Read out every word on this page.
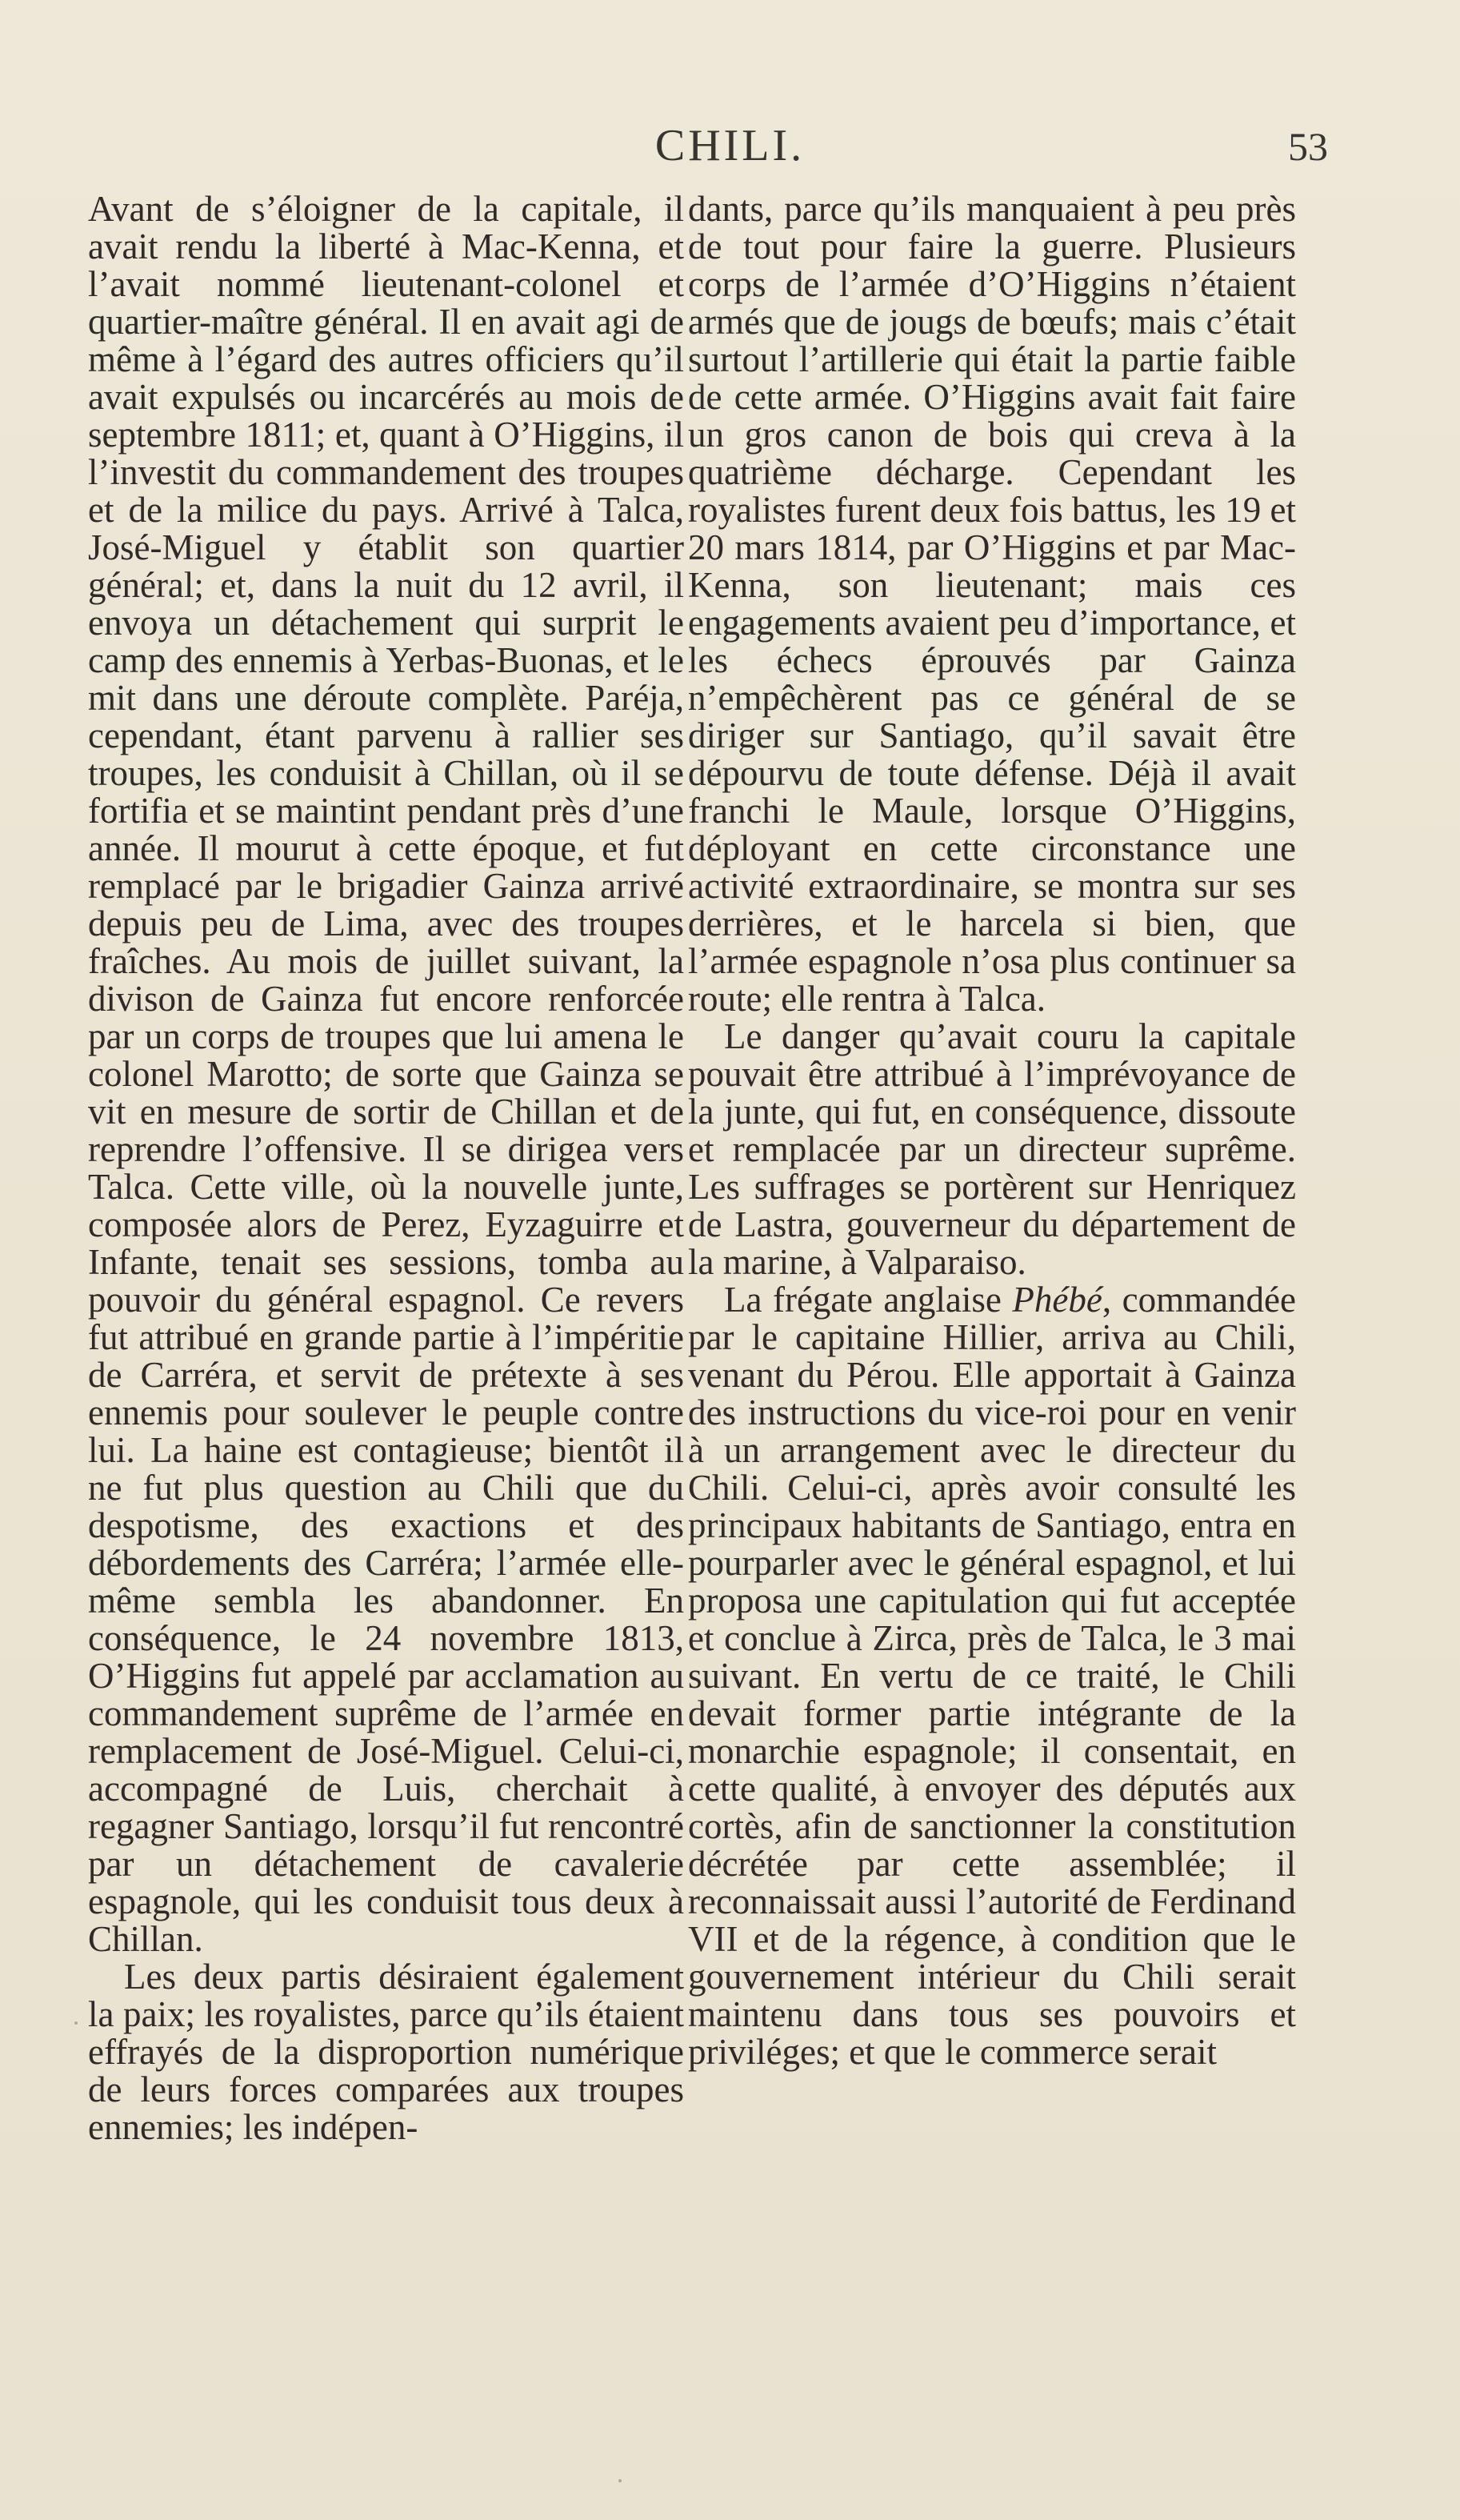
CHILI.	53

Avant de s’éloigner de la capitale, il avait rendu la liberté à Mac-Kenna, et l’avait nommé lieutenant-colonel et quartier-maître général. Il en avait agi de même à l’égard des autres officiers qu’il avait expulsés ou incarcérés au mois de septembre 1811; et, quant à O’Higgins, il l’investit du commandement des troupes et de la milice du pays. Arrivé à Talca, José-Miguel y établit son quartier général; et, dans la nuit du 12 avril, il envoya un détachement qui surprit le camp des ennemis à Yerbas-Buonas, et le mit dans une déroute complète. Paréja, cependant, étant parvenu à rallier ses troupes, les conduisit à Chillan, où il se fortifia et se maintint pendant près d’une année. Il mourut à cette époque, et fut remplacé par le brigadier Gainza arrivé depuis peu de Lima, avec des troupes fraîches. Au mois de juillet suivant, la divison de Gainza fut encore renforcée par un corps de troupes que lui amena le colonel Marotto; de sorte que Gainza se vit en mesure de sortir de Chillan et de reprendre l’offensive. Il se dirigea vers Talca. Cette ville, où la nouvelle junte, composée alors de Perez, Eyzaguirre et Infante, tenait ses sessions, tomba au pouvoir du général espagnol. Ce revers fut attribué en grande partie à l’impéritie de Carréra, et servit de prétexte à ses ennemis pour soulever le peuple contre lui. La haine est contagieuse; bientôt il ne fut plus question au Chili que du despotisme, des exactions et des débordements des Carréra; l’armée elle-même sembla les abandonner. En conséquence, le 24 novembre 1813, O’Higgins fut appelé par acclamation au commandement suprême de l’armée en remplacement de José-Miguel. Celui-ci, accompagné de Luis, cherchait à regagner Santiago, lorsqu’il fut rencontré par un détachement de cavalerie espagnole, qui les conduisit tous deux à Chillan.

Les deux partis désiraient également la paix; les royalistes, parce qu’ils étaient effrayés de la disproportion numérique de leurs forces comparées aux troupes ennemies; les indépen-

dants, parce qu’ils manquaient à peu près de tout pour faire la guerre. Plusieurs corps de l’armée d’O’Higgins n’étaient armés que de jougs de bœufs; mais c’était surtout l’artillerie qui était la partie faible de cette armée. O’Higgins avait fait faire un gros canon de bois qui creva à la quatrième décharge. Cependant les royalistes furent deux fois battus, les 19 et 20 mars 1814, par O’Higgins et par Mac-Kenna, son lieutenant; mais ces engagements avaient peu d’importance, et les échecs éprouvés par Gainza n’empêchèrent pas ce général de se diriger sur Santiago, qu’il savait être dépourvu de toute défense. Déjà il avait franchi le Maule, lorsque O’Higgins, déployant en cette circonstance une activité extraordinaire, se montra sur ses derrières, et le harcela si bien, que l’armée espagnole n’osa plus continuer sa route; elle rentra à Talca.

Le danger qu’avait couru la capitale pouvait être attribué à l’imprévoyance de la junte, qui fut, en conséquence, dissoute et remplacée par un directeur suprême. Les suffrages se portèrent sur Henriquez de Lastra, gouverneur du département de la marine, à Valparaiso.

La frégate anglaise Phébé, commandée par le capitaine Hillier, arriva au Chili, venant du Pérou. Elle apportait à Gainza des instructions du vice-roi pour en venir à un arrangement avec le directeur du Chili. Celui-ci, après avoir consulté les principaux habitants de Santiago, entra en pourparler avec le général espagnol, et lui proposa une capitulation qui fut acceptée et conclue à Zirca, près de Talca, le 3 mai suivant. En vertu de ce traité, le Chili devait former partie intégrante de la monarchie espagnole; il consentait, en cette qualité, à envoyer des députés aux cortès, afin de sanctionner la constitution décrétée par cette assemblée; il reconnaissait aussi l’autorité de Ferdinand VII et de la régence, à condition que le gouvernement intérieur du Chili serait maintenu dans tous ses pouvoirs et priviléges; et que le commerce serait
